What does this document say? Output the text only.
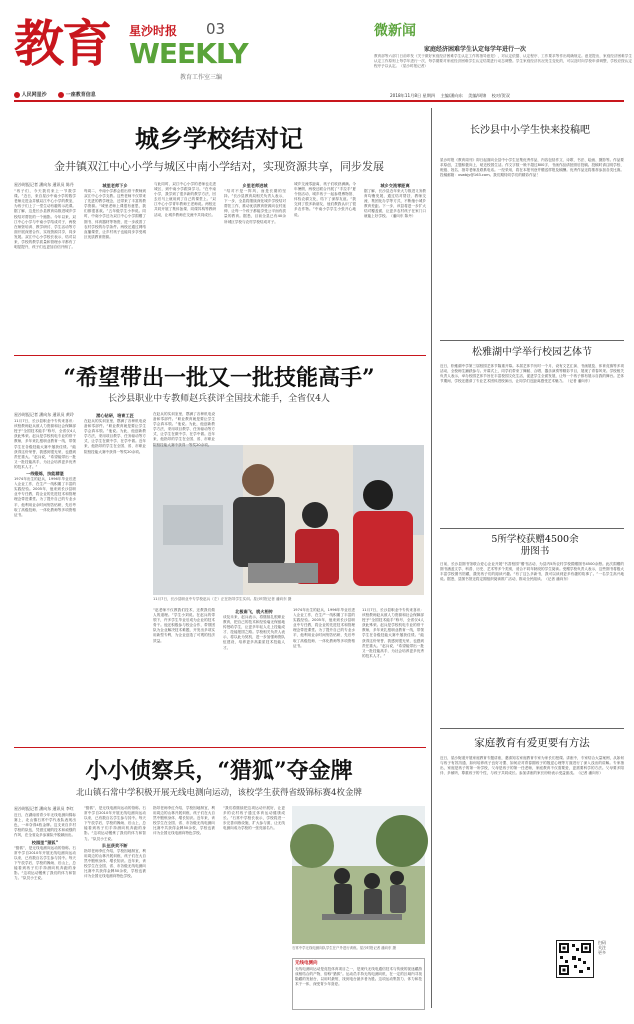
教育 星沙时报 03
WEEKLY
教育工作室三编
微新闻
家庭经济困难学生认定每学年进行一次
教育部等六部门日前印发《关于做好家庭经济困难学生认定工作的指导意见》，对认定依据、认定程序、工作要求等作出明确规定。意见提出，家庭经济困难学生认定工作原则上每学年进行一次，每学期要对家庭经济困难学生认定结果进行动态调整。学生家庭经济状况发生变化的，可以及时向学校申请调整，学校应按认定程序予以认定。（星沙时报记者）
人民网星沙	一座教育信息	2018年11月8日 星期四 主编/潘向东 美编/周锦 校对/贺双
城乡学校结对记
金井镇双江中心小学与城区中南小学结对，实现资源共享，同步发展
星沙时报记者 潘向东 通讯员 陈丹
“孩子们，今天我们来上一节数学课。”近日，来自星沙中南小学的数学老师走进金井镇双江中心小学的教室，为孩子们上了一堂生动有趣的示范课。据了解，这是长沙县教育局推进城乡学校结对帮扶的一个缩影。今年以来，双江中心小学与中南小学结成对子，两校在师资培训、教学研讨、学生活动等方面开展深度合作，实现资源共享，同步发展。双江中心小学校长表示，结对以来，学校的教学质量和管理水平都有了明显提升，孩子们也更加自信开朗了。
城里老师下乡
每周二，中南小学都会派出骨干教师到双江中心小学支教。这些老师不仅带来了先进的教学理念，还带来了丰富的教学资源。“城里老师上课很有意思，我们都很喜欢。”五年级学生小李说。同时，中南小学还为双江中心小学捐赠了图书、体育器材等物资，进一步改善了农村学校的办学条件。两校还通过网络直播课堂，让乡村孩子也能同步享受城区优质教育资源。
与此同时，双江中心小学的老师也走进城区，到中南小学跟岗学习。“在中南小学，我学到了很多新的教学方法，回去后马上就用到了自己的课堂上。”双江中心小学青年教师王老师说。两校还共同开展了集体备课、同课异构等教研活动，让城乡教师在交流中共同成长。
乡里老师进城
“结对不是一阵风，而是长期的坚持。”长沙县教育局相关负责人表示，下一步，全县将继续深化城乡学校结对帮扶工作，推动优质教育资源向农村延伸，让每一个孩子都能享受公平而有质量的教育。据悉，目前全县已有40余所城区学校与农村学校结成对子。
城乡交流零距离，孩子们收获满满。今年暑假，两校还联合开展了“手拉手”夏令营活动，城乡孩子一起参观博物馆、体验农耕文化，结下了深厚友谊。“我交到了很多新朋友，他们教我认识了很多农作物。”中南小学学生小张开心地说。
城乡交流零距离
据了解，长沙县近年来大力推进义务教育均衡发展，通过结对帮扶、教师交流、集团化办学等方式，不断缩小城乡教育差距。下一步，该县将进一步扩大结对覆盖面，让更多农村孩子在家门口就能上好学校。（潘向东 陈丹）
“希望带出一批又一批技能高手”
长沙县职业中专教师赵兵获评全国技术能手，全省仅4人
星沙时报记者 潘向东 通讯员 黄玲
11月7日，长沙县职业中专传来喜讯：该校教师赵兵被人力资源和社会保障部授予“全国技术能手”称号，全省仅4人获此殊荣。赵兵是学校机电专业的骨干教师，多年来扎根职业教育一线，带领学生在各级技能大赛中屡获佳绩。“能获得这份荣誉，我感到很光荣，也感到责任重大。”赵兵说，“希望能带出一批又一批技能高手，为社会培养更多优秀的技术人才。”
一线锻炼，技能精湛
1974年出生的赵兵，1996年毕业后进入企业工作，在生产一线积累了丰富的实践经验。2005年，他来到长沙县职业中专任教，将企业的先进技术和管理理念带进课堂。为了提升自己的专业水平，他利用业余时间刻苦钻研，先后考取了高级技师、一体化教师等多项资格证书。
潜心钻研，培育工匠
在赵兵的实训室里，摆满了各种机电设备和零部件。“职业教育就是要让学生学会真本领。”他说。为此，他创新教学方法，采用项目教学、任务驱动等方式，让学生在做中学、在学中做。近年来，他指导的学生在全国、省、市职业院校技能大赛中获得一等奖20余项。
11月7日，长沙县职业中专学校赵兵（左）正在指导学生实训。星沙时报记者 潘向东 摄
在赵兵的实训室里，摆满了各种机电设备和零部件。“职业教育就是要让学生学会真本领。”他说。为此，他创新教学方法，采用项目教学、任务驱动等方式，让学生在做中学、在学中做。近年来，他指导的学生在全国、省、市职业院校技能大赛中获得一等奖20余项。
“赵老师不仅教我们技术，还教我们做人的道理。”学生小刘说。在赵兵的带领下，许多学生毕业后成为企业的技术骨干。他还积极参与校企合作，带领团队为企业解决技术难题，开发出多项实用新型专利，为企业创造了可观的经济效益。
北极南飞，桃火相传
谈及未来，赵兵表示，将继续扎根职业教育，把自己的技术和经验毫无保留地传授给学生，让更多年轻人走上技能成才、技能报国之路。学校相关负责人表示，将以此为契机，进一步加强师资队伍建设，培养更多高素质技术技能人才。
1974年出生的赵兵，1996年毕业后进入企业工作，在生产一线积累了丰富的实践经验。2005年，他来到长沙县职业中专任教，将企业的先进技术和管理理念带进课堂。为了提升自己的专业水平，他利用业余时间刻苦钻研，先后考取了高级技师、一体化教师等多项资格证书。
11月7日，长沙县职业中专传来喜讯：该校教师赵兵被人力资源和社会保障部授予“全国技术能手”称号，全省仅4人获此殊荣。赵兵是学校机电专业的骨干教师，多年来扎根职业教育一线，带领学生在各级技能大赛中屡获佳绩。“能获得这份荣誉，我感到很光荣，也感到责任重大。”赵兵说，“希望能带出一批又一批技能高手，为社会培养更多优秀的技术人才。”
小小侦察兵，“猎狐”夺金牌
北山镇石常中学积极开展无线电测向运动，该校学生获得省级锦标赛4枚金牌
星沙时报记者 潘向东 通讯员 李红
近日，在湖南省青少年无线电测向锦标赛上，北山镇石常中学代表队表现出色，一举夺得4枚金牌。这支来自乡村学校的队伍，凭借过硬的技术和顽强的作风，在全省众多参赛队中脱颖而出。
校园里“猎狐”
“猎狐”，是无线电测向运动的俗称。石常中学自2010年开展无线电测向运动以来，已有数百名学生参与其中。每天下午放学后，学校的操场、后山上，总能看到孩子们手持测向机奔跑的身影。“这项运动锻炼了我们的体力和智力。”队员小王说。
“猎狐”，是无线电测向运动的俗称。石常中学自2010年开展无线电测向运动以来，已有数百名学生参与其中。每天下午放学后，学校的操场、后山上，总能看到孩子们手持测向机奔跑的身影。“这项运动锻炼了我们的体力和智力。”队员小王说。
队伍获奖不断
指导老师李红介绍，学校因地制宜，利用周边的山林开展训练，孩子们在大自然中锻炼身体、增长知识。近年来，该校学生在全国、省、市各级无线电测向比赛中共获得金牌50余枚，学校也被评为全国无线电测向特色学校。
指导老师李红介绍，学校因地制宜，利用周边的山林开展训练，孩子们在大自然中锻炼身体、增长知识。近年来，该校学生在全国、省、市各级无线电测向比赛中共获得金牌50余枚，学校也被评为全国无线电测向特色学校。
“我们将继续把这项运动开展好，让更多的农村孩子通过体育运动健康成长。”石常中学校长表示，学校将进一步完善训练设施，扩大参与面，让无线电测向成为学校的一张亮丽名片。
石常中学无线电测向队学生在户外进行训练。星沙时报记者 潘向东 摄
无线电测向
无线电测向运动是竞技体育项目之一，是现代无线电通信技术与传统的捉迷藏游戏相结合的产物，俗称“猎狐”。运动员手持无线电测向机，在一定的区域内寻找隐藏的发射台，以用时最短、找到电台最多者为胜。这项运动集智力、体力和技术于一体，深受青少年喜爱。
长沙县中小学生快来投稿吧
星沙时报《教育周刊》即日起面向全县中小学生征集优秀作品，内容包括作文、诗歌、书法、绘画、摄影等。作品要求原创，主题积极向上，贴近校园生活。作文字数一般不超过800字，书画作品请拍照后投稿。投稿时请注明学校、班级、姓名、指导老师及联系电话。一经采用，将在本报刊登并赠送样报及稿酬。优秀作品还将推荐参加各类比赛。投稿邮箱：xswbjy@163.com。我们期待同学们的精彩作品！
松雅湖中学举行校园艺体节
近日，松雅湖中学第三届校园艺体节隆重开幕。本届艺体节历时一个月，设有文艺汇演、书画展览、体育竞赛等多项活动，全校师生踊跃参与。开幕式上，同学们带来了舞蹈、合唱、器乐演奏等精彩节目，展现了青春风采。学校相关负责人表示，举办校园艺体节旨在丰富校园文化生活，促进学生全面发展，让每一个孩子都有展示自我的舞台。艺体节期间，学校还邀请了专业艺术团体进校演出，让同学们近距离感受艺术魅力。（记者 潘向东）
5所学校获赠4500余册图书
日前，长沙县图书馆联合爱心企业开展“书香校园”赠书活动，为县内5所农村学校捐赠图书4500余册。此次捐赠的图书涵盖文学、科普、历史、艺术等多个类别，适合不同年龄段的学生阅读。受赠学校负责人表示，这些图书将极大丰富学校图书馆藏，激发孩子们的阅读兴趣。“有了这么多新书，我可以读到更多有趣的故事了。”一名学生高兴地说。据悉，县图书馆还将定期组织阅读推广活动，推动全民阅读。（记者 潘向东）
家庭教育有爱更要有方法
近日，星沙街道开展家庭教育专题讲座，邀请知名家庭教育专家为家长们授课。讲座中，专家结合大量案例，从如何与孩子有效沟通、如何培养孩子良好习惯、如何应对青春期孩子的叛逆心理等方面进行了深入浅出的讲解。专家指出，家庭是孩子的第一所学校，父母是孩子的第一任老师，家庭教育不仅需要爱，更需要科学的方法。父母要多陪伴、多倾听，尊重孩子的个性，与孩子共同成长。参加讲座的家长纷纷表示受益匪浅。（记者 潘向东）
扫码关注更多
